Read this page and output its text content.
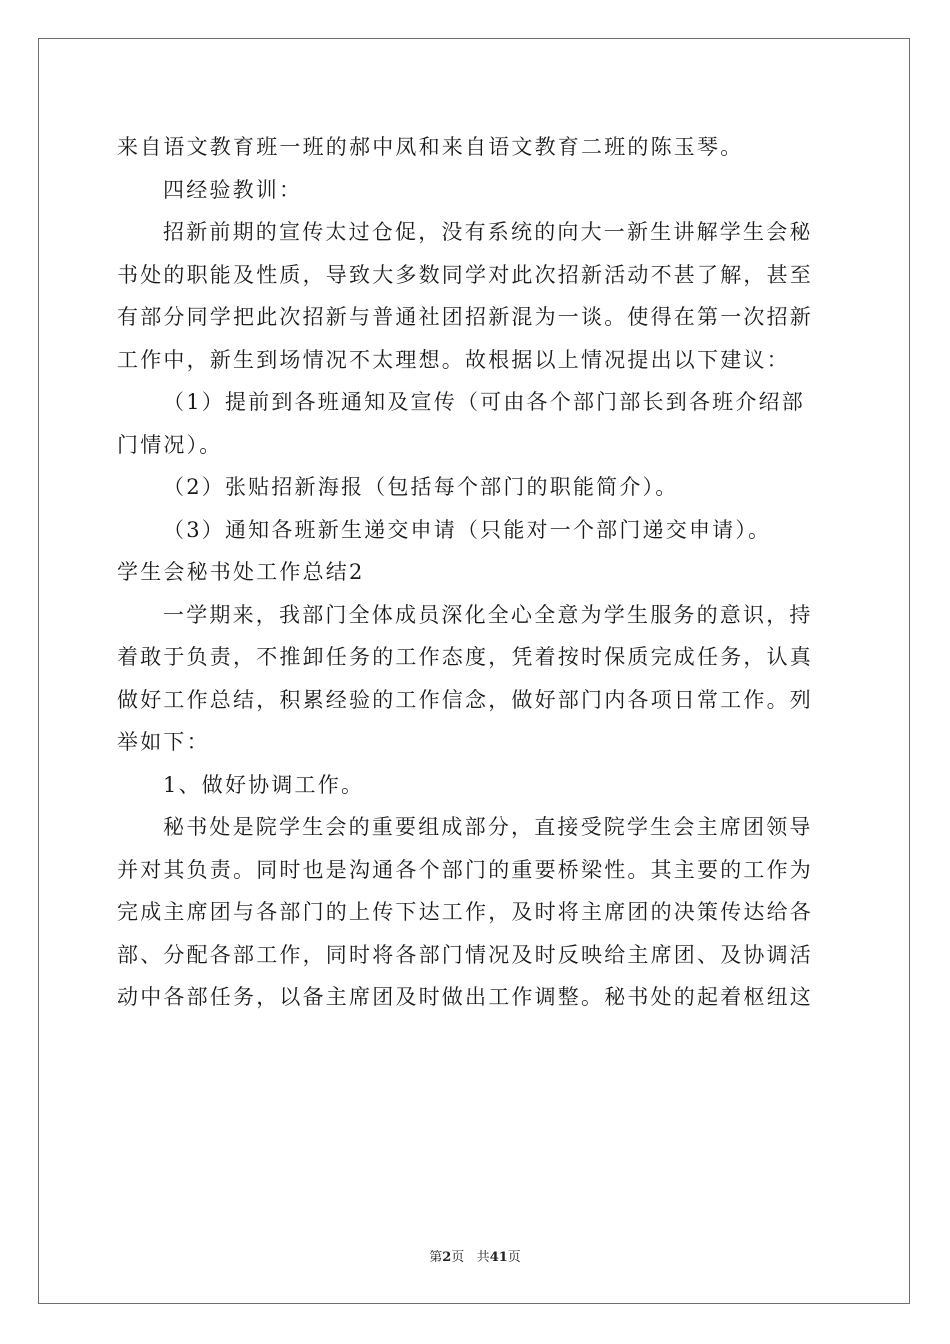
来自语文教育班一班的郝中凤和来自语文教育二班的陈玉琴。

四经验教训：

招新前期的宣传太过仓促，没有系统的向大一新生讲解学生会秘

书处的职能及性质，导致大多数同学对此次招新活动不甚了解，甚至

有部分同学把此次招新与普通社团招新混为一谈。使得在第一次招新

工作中，新生到场情况不太理想。故根据以上情况提出以下建议：

（1）提前到各班通知及宣传（可由各个部门部长到各班介绍部

门情况）。

（2）张贴招新海报（包括每个部门的职能简介）。

（3）通知各班新生递交申请（只能对一个部门递交申请）。

学生会秘书处工作总结2

一学期来，我部门全体成员深化全心全意为学生服务的意识，持

着敢于负责，不推卸任务的工作态度，凭着按时保质完成任务，认真

做好工作总结，积累经验的工作信念，做好部门内各项日常工作。列

举如下：

1、做好协调工作。

秘书处是院学生会的重要组成部分，直接受院学生会主席团领导

并对其负责。同时也是沟通各个部门的重要桥梁性。其主要的工作为

完成主席团与各部门的上传下达工作，及时将主席团的决策传达给各

部、分配各部工作，同时将各部门情况及时反映给主席团、及协调活

动中各部任务，以备主席团及时做出工作调整。秘书处的起着枢纽这

第2页 共41页
